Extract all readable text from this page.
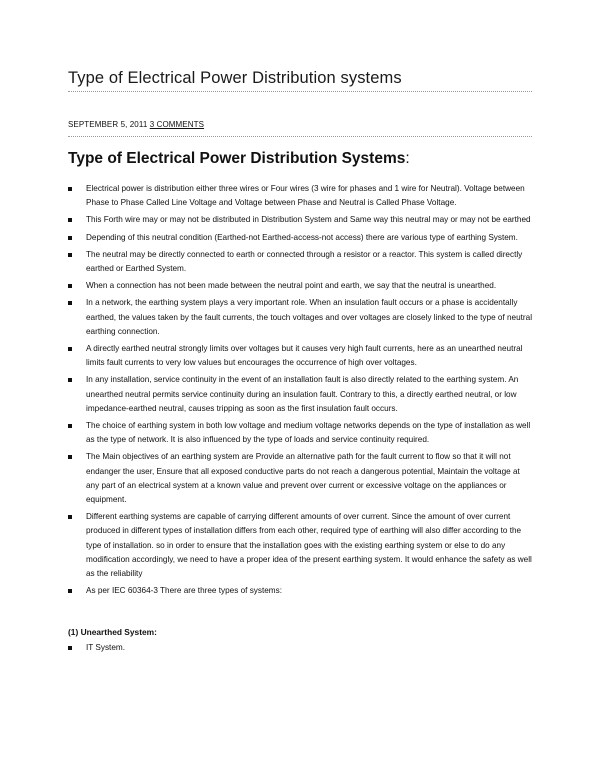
Type of Electrical Power Distribution systems
SEPTEMBER 5, 2011 3 COMMENTS
Type of Electrical Power Distribution Systems:
Electrical power is distribution either three wires or Four wires (3 wire for phases and 1 wire for Neutral). Voltage between Phase to Phase Called Line Voltage and Voltage between Phase and Neutral is Called Phase Voltage.
This Forth wire may or may not be distributed in Distribution System and Same way this neutral may or may not be earthed
Depending of this neutral condition (Earthed-not Earthed-access-not access) there are various type of earthing System.
The neutral may be directly connected to earth or connected through a resistor or a reactor. This system is called directly earthed or Earthed System.
When a connection has not been made between the neutral point and earth, we say that the neutral is unearthed.
In a network, the earthing system plays a very important role. When an insulation fault occurs or a phase is accidentally earthed, the values taken by the fault currents, the touch voltages and over voltages are closely linked to the type of neutral earthing connection.
A directly earthed neutral strongly limits over voltages but it causes very high fault currents, here as an unearthed neutral limits fault currents to very low values but encourages the occurrence of high over voltages.
In any installation, service continuity in the event of an installation fault is also directly related to the earthing system. An unearthed neutral permits service continuity during an insulation fault. Contrary to this, a directly earthed neutral, or low impedance-earthed neutral, causes tripping as soon as the first insulation fault occurs.
The choice of earthing system in both low voltage and medium voltage networks depends on the type of installation as well as the type of network. It is also influenced by the type of loads and service continuity required.
The Main objectives of an earthing system are Provide an alternative path for the fault current to flow so that it will not endanger the user, Ensure that all exposed conductive parts do not reach a dangerous potential, Maintain the voltage at any part of an electrical system at a known value and prevent over current or excessive voltage on the appliances or equipment.
Different earthing systems are capable of carrying different amounts of over current. Since the amount of over current produced in different types of installation differs from each other, required type of earthing will also differ according to the type of installation. so in order to ensure that the installation goes with the existing earthing system or else to do any modification accordingly, we need to have a proper idea of the present earthing system. It would enhance the safety as well as the reliability
As per IEC 60364-3 There are three types of systems:
(1) Unearthed System:
IT System.
